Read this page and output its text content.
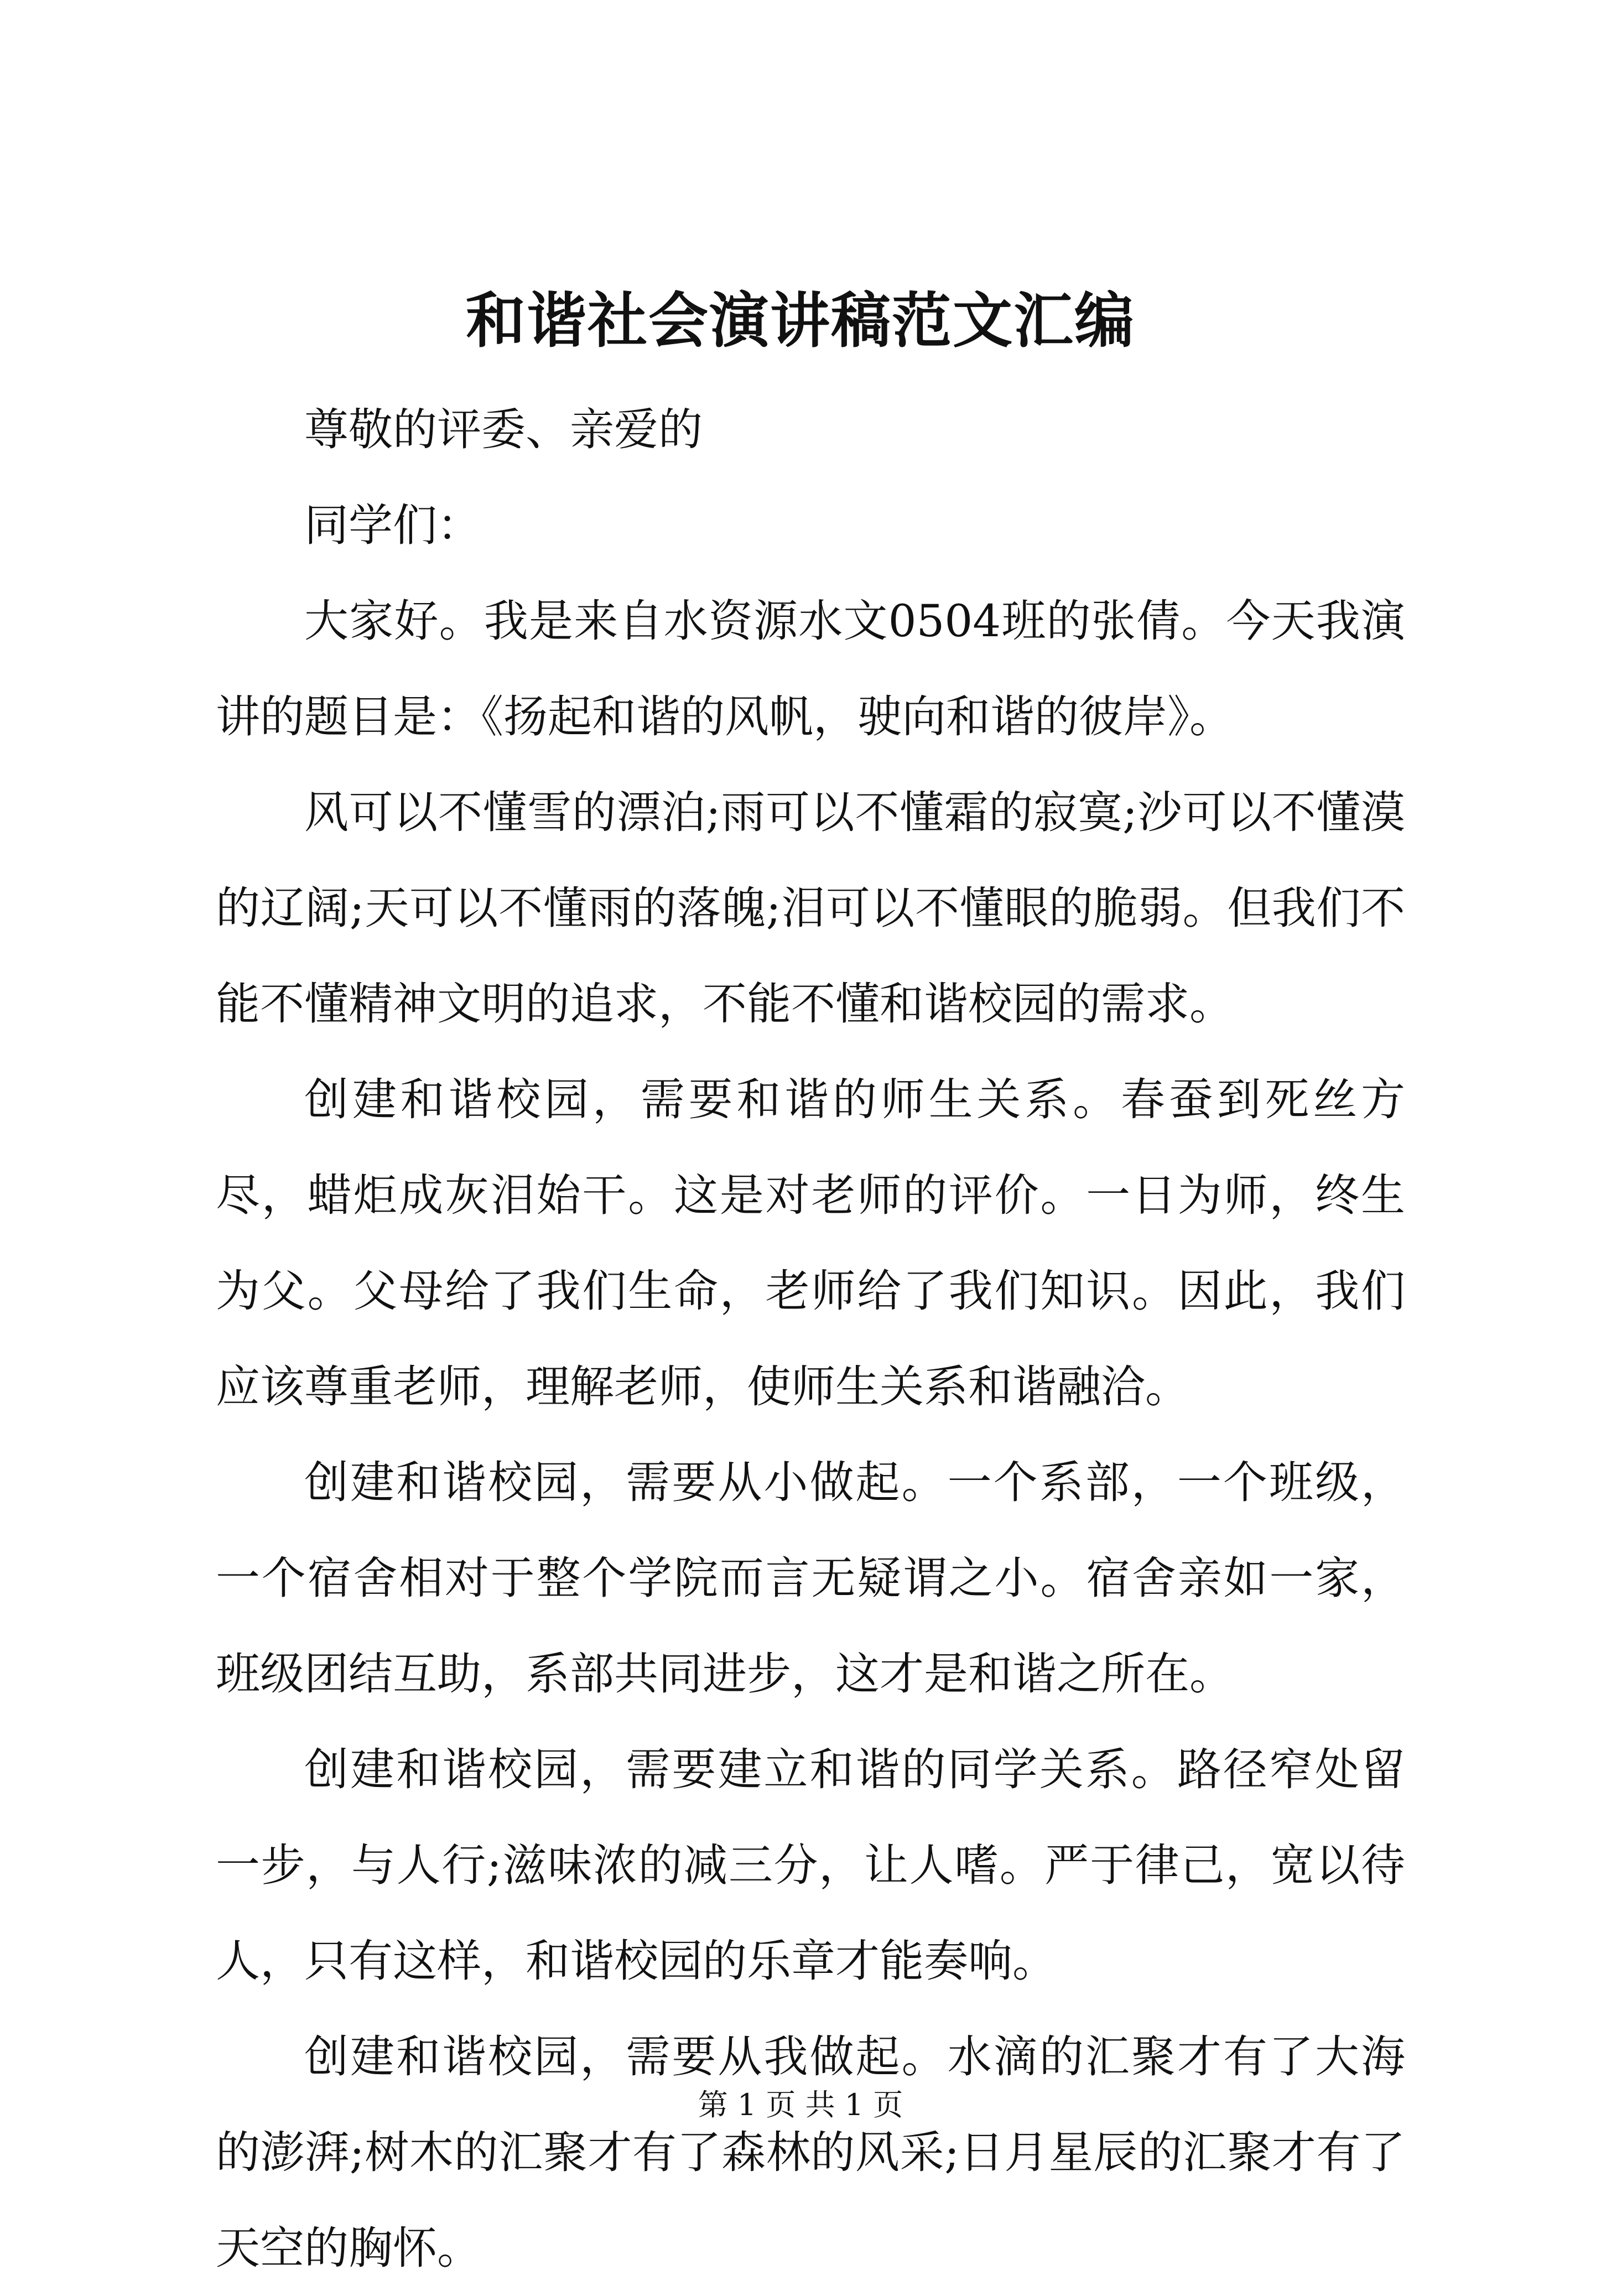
和谐社会演讲稿范文汇编

尊敬的评委、亲爱的

同学们：

大家好。我是来自水资源水文0504班的张倩。今天我演讲的题目是：《扬起和谐的风帆，驶向和谐的彼岸》。

风可以不懂雪的漂泊;雨可以不懂霜的寂寞;沙可以不懂漠的辽阔;天可以不懂雨的落魄;泪可以不懂眼的脆弱。但我们不能不懂精神文明的追求，不能不懂和谐校园的需求。

创建和谐校园，需要和谐的师生关系。春蚕到死丝方尽，蜡炬成灰泪始干。这是对老师的评价。一日为师，终生为父。父母给了我们生命，老师给了我们知识。因此，我们应该尊重老师，理解老师，使师生关系和谐融洽。

创建和谐校园，需要从小做起。一个系部，一个班级，一个宿舍相对于整个学院而言无疑谓之小。宿舍亲如一家，班级团结互助，系部共同进步，这才是和谐之所在。

创建和谐校园，需要建立和谐的同学关系。路径窄处留一步，与人行;滋味浓的减三分，让人嗜。严于律己，宽以待人，只有这样，和谐校园的乐章才能奏响。

创建和谐校园，需要从我做起。水滴的汇聚才有了大海的澎湃;树木的汇聚才有了森林的风采;日月星辰的汇聚才有了天空的胸怀。

第 1 页 共 1 页
